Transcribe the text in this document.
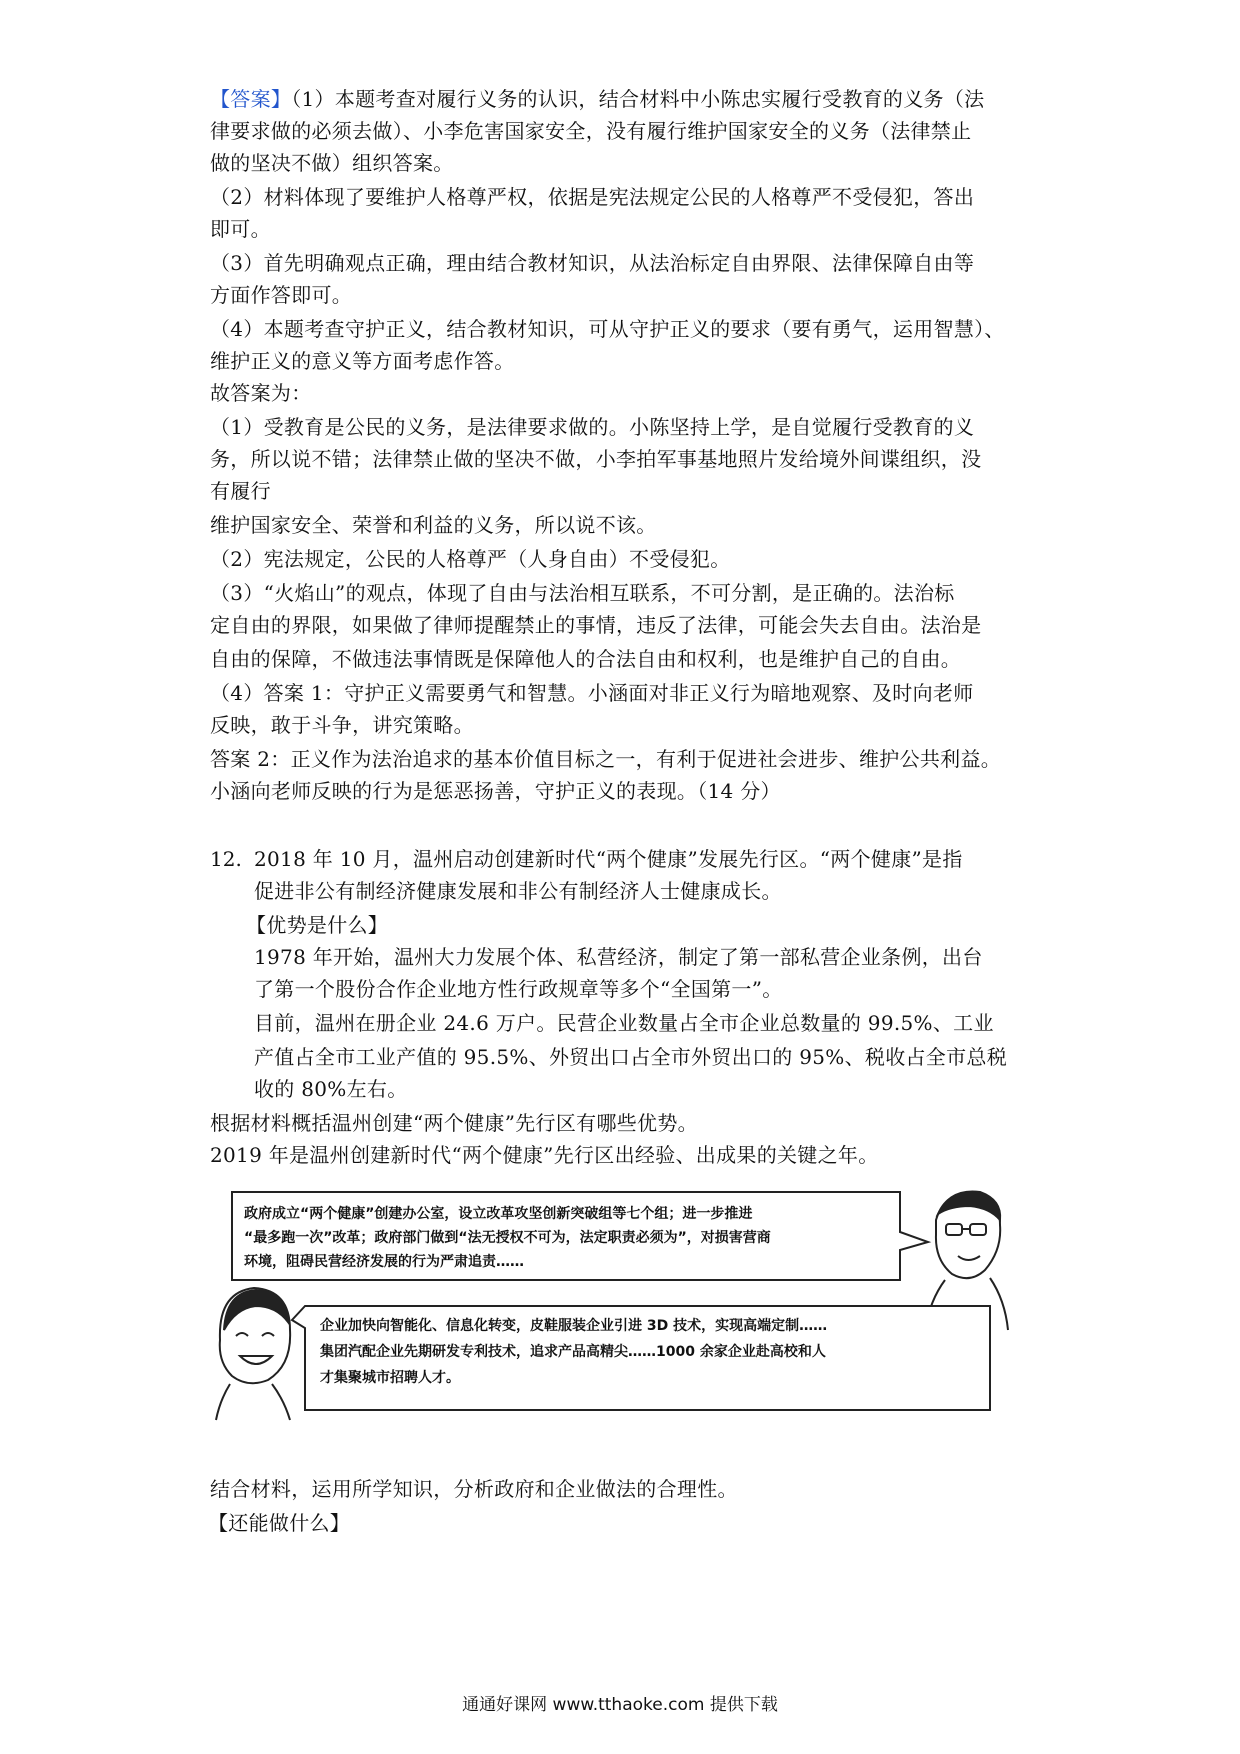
【答案】（1）本题考查对履行义务的认识，结合材料中小陈忠实履行受教育的义务（法
律要求做的必须去做）、小李危害国家安全，没有履行维护国家安全的义务（法律禁止
做的坚决不做）组织答案。
（2）材料体现了要维护人格尊严权，依据是宪法规定公民的人格尊严不受侵犯，答出
即可。
（3）首先明确观点正确，理由结合教材知识，从法治标定自由界限、法律保障自由等
方面作答即可。
（4）本题考查守护正义，结合教材知识，可从守护正义的要求（要有勇气，运用智慧）、
维护正义的意义等方面考虑作答。
故答案为：
（1）受教育是公民的义务，是法律要求做的。小陈坚持上学，是自觉履行受教育的义
务，所以说不错；法律禁止做的坚决不做，小李拍军事基地照片发给境外间谍组织，没
有履行
维护国家安全、荣誉和利益的义务，所以说不该。
（2）宪法规定，公民的人格尊严（人身自由）不受侵犯。
（3）“火焰山”的观点，体现了自由与法治相互联系，不可分割，是正确的。法治标
定自由的界限，如果做了律师提醒禁止的事情，违反了法律，可能会失去自由。法治是
自由的保障，不做违法事情既是保障他人的合法自由和权利，也是维护自己的自由。
（4）答案 1：守护正义需要勇气和智慧。小涵面对非正义行为暗地观察、及时向老师
反映，敢于斗争，讲究策略。
答案 2：正义作为法治追求的基本价值目标之一，有利于促进社会进步、维护公共利益。
小涵向老师反映的行为是惩恶扬善，守护正义的表现。（14 分）
12. 2018 年 10 月，温州启动创建新时代“两个健康”发展先行区。“两个健康”是指
促进非公有制经济健康发展和非公有制经济人士健康成长。
【优势是什么】
1978 年开始，温州大力发展个体、私营经济，制定了第一部私营企业条例，出台
了第一个股份合作企业地方性行政规章等多个“全国第一”。
目前，温州在册企业 24.6 万户。民营企业数量占全市企业总数量的 99.5%、工业
产值占全市工业产值的 95.5%、外贸出口占全市外贸出口的 95%、税收占全市总税
收的 80%左右。
根据材料概括温州创建“两个健康”先行区有哪些优势。
2019 年是温州创建新时代“两个健康”先行区出经验、出成果的关键之年。
政府成立“两个健康”创建办公室，设立改革攻坚创新突破组等七个组；进一步推进
“最多跑一次”改革；政府部门做到“法无授权不可为，法定职责必须为”，对损害营商
环境，阻碍民营经济发展的行为严肃追责……
企业加快向智能化、信息化转变，皮鞋服装企业引进 3D 技术，实现高端定制……
集团汽配企业先期研发专利技术，追求产品高精尖……1000 余家企业赴高校和人
才集聚城市招聘人才。
结合材料，运用所学知识，分析政府和企业做法的合理性。
【还能做什么】
通通好课网 www.tthaoke.com 提供下载
